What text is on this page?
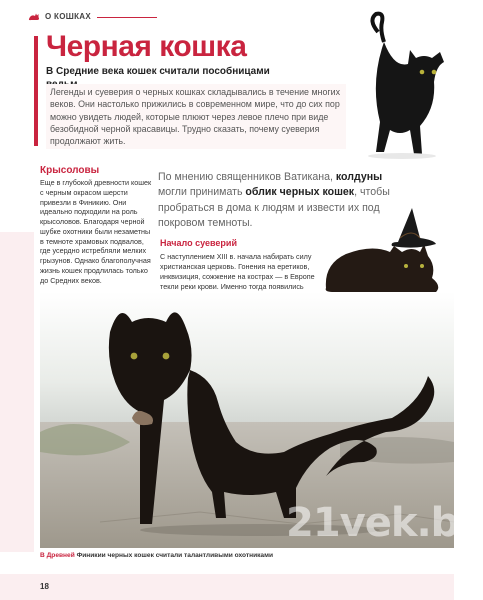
О КОШКАХ
Черная кошка
В Средние века кошек считали пособницами
Легенды и суеверия о черных кошках складывались в течение многих веков. Они настолько прижились в современном мире, что до сих пор можно увидеть людей, которые плюют через левое плечо при виде безобидной черной красавицы. Трудно сказать, почему суеверия продолжают жить.
Крысоловы
Еще в глубокой древности кошек с черным окрасом шерсти привезли в Финикию. Они идеально подходили на роль крысоловов. Благодаря черной шубке охотники были незаметны в темноте храмовых подвалов, где усердно истребляли мелких грызунов. Однако благополучная жизнь кошек продлилась только до Средних веков.
По мнению священников Ватикана, колдуны могли принимать облик черных кошек, чтобы пробраться в дома к людям и извести их под покровом темноты.
Начало суеверий
С наступлением XIII в. начала набирать силу христианская церковь. Гонения на еретиков, инквизиция, сожжение на кострах — в Европе текли реки крови. Именно тогда появились
21vek.by
В Древней Финикии черных кошек считали талантливыми охотниками
18
